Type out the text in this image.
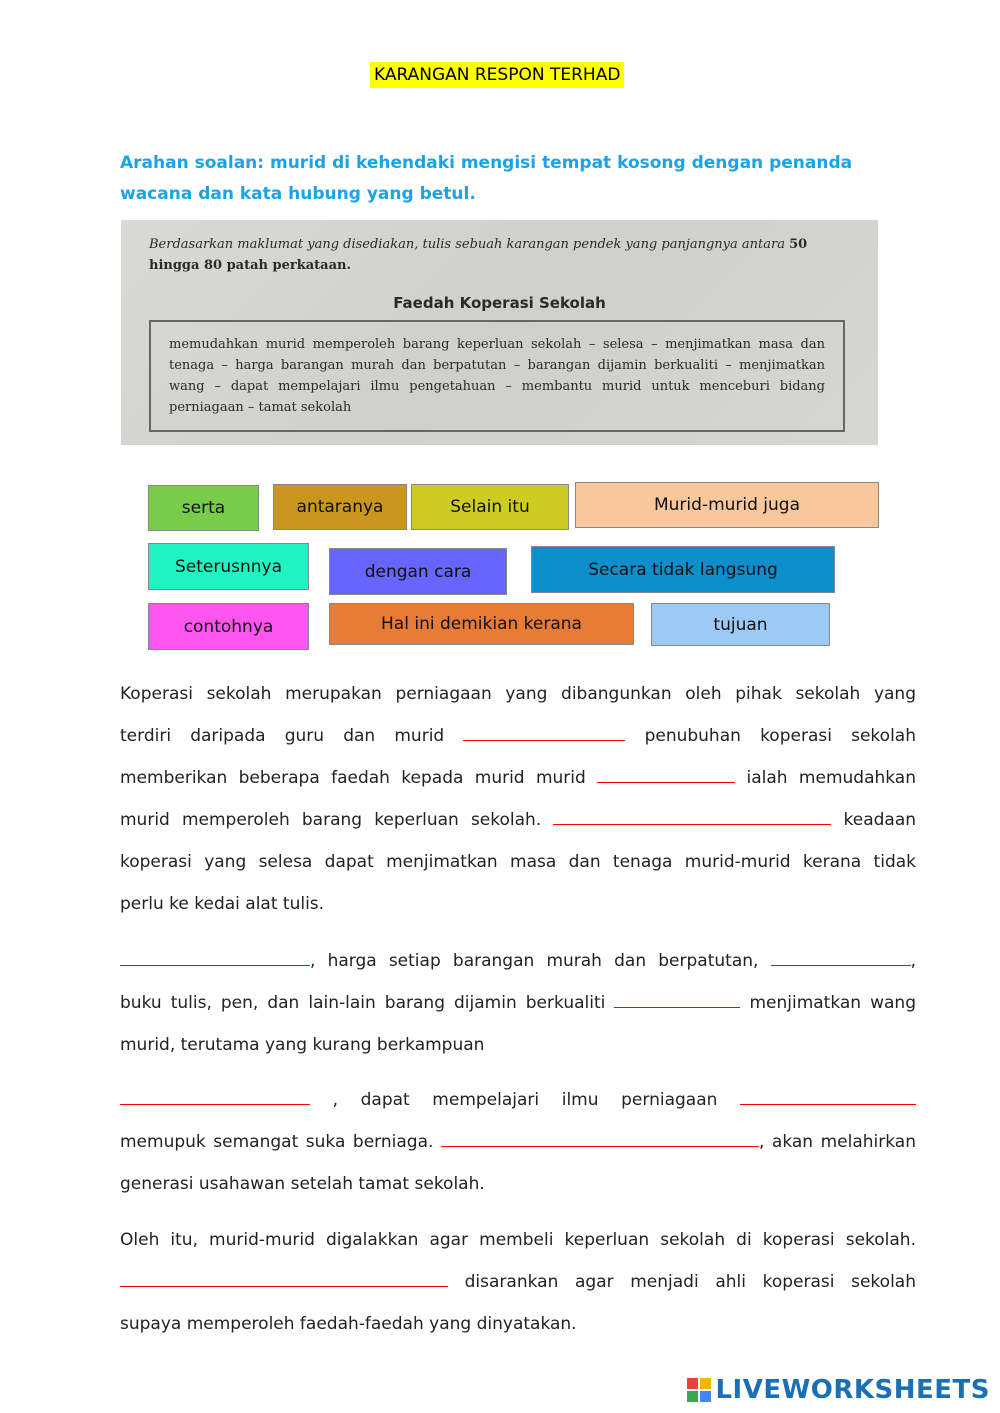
KARANGAN RESPON TERHAD
Arahan soalan: murid di kehendaki mengisi tempat kosong dengan penanda wacana dan kata hubung yang betul.
Berdasarkan maklumat yang disediakan, tulis sebuah karangan pendek yang panjangnya antara 50 hingga 80 patah perkataan.
Faedah Koperasi Sekolah
memudahkan murid memperoleh barang keperluan sekolah – selesa – menjimatkan masa dan tenaga – harga barangan murah dan berpatutan – barangan dijamin berkualiti – menjimatkan wang – dapat mempelajari ilmu pengetahuan – membantu murid untuk menceburi bidang perniagaan – tamat sekolah
serta	antaranya	Selain itu	Murid-murid juga
Seterusnnya	dengan cara	Secara tidak langsung
contohnya	Hal ini demikian kerana	tujuan
Koperasi sekolah merupakan perniagaan yang dibangunkan oleh pihak sekolah yang
terdiri daripada guru dan murid	penubuhan koperasi sekolah
memberikan beberapa faedah kepada murid murid	ialah memudahkan
murid memperoleh barang keperluan sekolah.	keadaan
koperasi yang selesa dapat menjimatkan masa dan tenaga murid-murid kerana tidak
perlu ke kedai alat tulis.
, harga setiap barangan murah dan berpatutan,	,
buku tulis, pen, dan lain-lain barang dijamin berkualiti	menjimatkan wang
murid, terutama yang kurang berkampuan
, dapat mempelajari ilmu perniagaan
memupuk semangat suka berniaga.	, akan melahirkan
generasi usahawan setelah tamat sekolah.
Oleh itu, murid-murid digalakkan agar membeli keperluan sekolah di koperasi sekolah.
disarankan agar menjadi ahli koperasi sekolah
supaya memperoleh faedah-faedah yang dinyatakan.
LIVEWORKSHEETS
